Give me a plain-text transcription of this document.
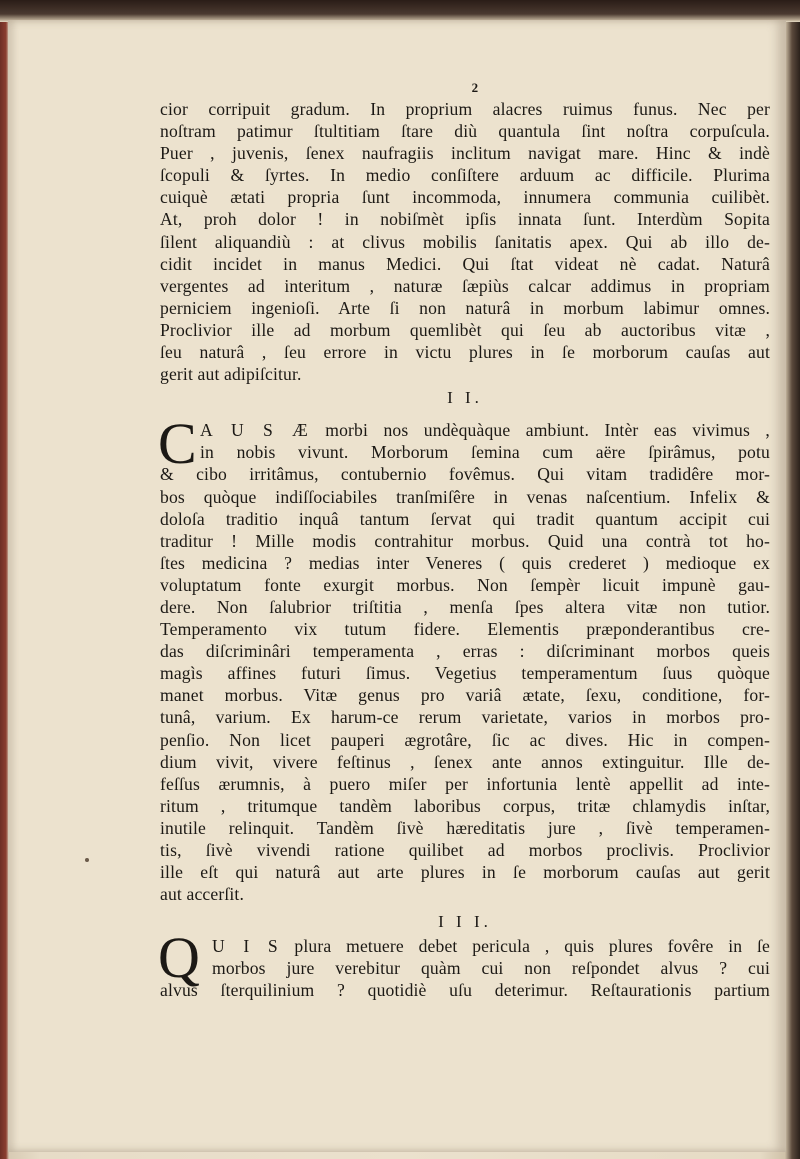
2
cior corripuit gradum. In proprium alacres ruimus funus. Nec per
noſtram patimur ſtultitiam ſtare diù quantula ſint noſtra corpuſcula.
Puer , juvenis, ſenex naufragiis inclitum navigat mare. Hinc & indè
ſcopuli & ſyrtes. In medio conſiſtere arduum ac difficile. Plurima
cuiquè ætati propria ſunt incommoda, innumera communia cuilibèt.
At, proh dolor ! in nobiſmèt ipſis innata ſunt. Interdùm Sopita
ſilent aliquandiù : at clivus mobilis ſanitatis apex. Qui ab illo de-
cidit incidet in manus Medici. Qui ſtat videat nè cadat. Naturâ
vergentes ad interitum , naturæ ſæpiùs calcar addimus in propriam
perniciem ingenioſi. Arte ſi non naturâ in morbum labimur omnes.
Proclivior ille ad morbum quemlibèt qui ſeu ab auctoribus vitæ ,
ſeu naturâ , ſeu errore in victu plures in ſe morborum cauſas aut
gerit aut adipiſcitur.
I I.
C A U S Æ morbi nos undèquàque ambiunt. Intèr eas vivimus ,
in nobis vivunt. Morborum ſemina cum aëre ſpirâmus, potu
& cibo irritâmus, contubernio fovêmus. Qui vitam tradidêre mor-
bos quòque indiſſociabiles tranſmiſêre in venas naſcentium. Infelix &
doloſa traditio inquâ tantum ſervat qui tradit quantum accipit cui
traditur ! Mille modis contrahitur morbus. Quid una contrà tot ho-
ſtes medicina ? medias inter Veneres ( quis crederet ) medioque ex
voluptatum fonte exurgit morbus. Non ſempèr licuit impunè gau-
dere. Non ſalubrior triſtitia , menſa ſpes altera vitæ non tutior.
Temperamento vix tutum fidere. Elementis præponderantibus cre-
das diſcriminâri temperamenta , erras : diſcriminant morbos queis
magìs affines futuri ſimus. Vegetius temperamentum ſuus quòque
manet morbus. Vitæ genus pro variâ ætate, ſexu, conditione, for-
tunâ, varium. Ex harum-ce rerum varietate, varios in morbos pro-
penſio. Non licet pauperi ægrotâre, ſic ac dives. Hic in compen-
dium vivit, vivere feſtinus , ſenex ante annos extinguitur. Ille de-
feſſus ærumnis, à puero miſer per infortunia lentè appellit ad inte-
ritum , tritumque tandèm laboribus corpus, tritæ chlamydis inſtar,
inutile relinquit. Tandèm ſivè hæreditatis jure , ſivè temperamen-
tis, ſivè vivendi ratione quilibet ad morbos proclivis. Proclivior
ille eſt qui naturâ aut arte plures in ſe morborum cauſas aut gerit
aut accerſit.
I I I.
Q U I S plura metuere debet pericula , quis plures fovêre in ſe
morbos jure verebitur quàm cui non reſpondet alvus ? cui
alvus ſterquilinium ? quotidiè uſu deterimur. Reſtaurationis partium
